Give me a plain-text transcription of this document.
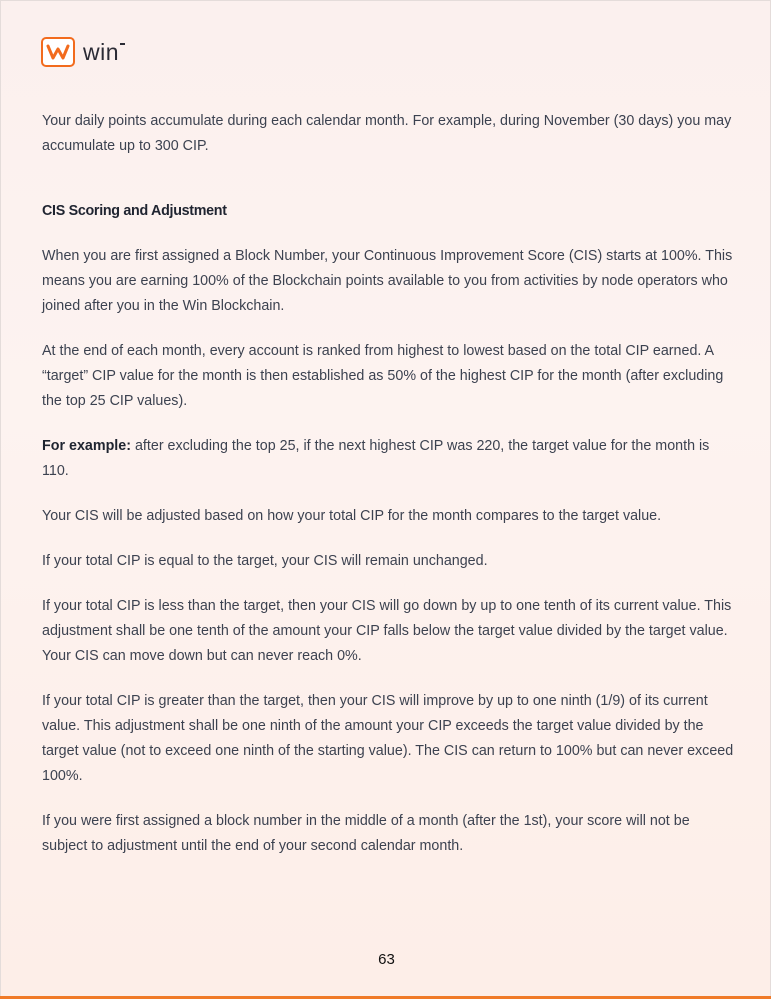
win

Your daily points accumulate during each calendar month. For example, during November (30 days) you may accumulate up to 300 CIP.

CIS Scoring and Adjustment

When you are first assigned a Block Number, your Continuous Improvement Score (CIS) starts at 100%. This means you are earning 100% of the Blockchain points available to you from activities by node operators who joined after you in the Win Blockchain.

At the end of each month, every account is ranked from highest to lowest based on the total CIP earned. A “target” CIP value for the month is then established as 50% of the highest CIP for the month (after excluding the top 25 CIP values).

For example: after excluding the top 25, if the next highest CIP was 220, the target value for the month is 110.

Your CIS will be adjusted based on how your total CIP for the month compares to the target value.

If your total CIP is equal to the target, your CIS will remain unchanged.

If your total CIP is less than the target, then your CIS will go down by up to one tenth of its current value. This adjustment shall be one tenth of the amount your CIP falls below the target value divided by the target value. Your CIS can move down but can never reach 0%.

If your total CIP is greater than the target, then your CIS will improve by up to one ninth (1/9) of its current value. This adjustment shall be one ninth of the amount your CIP exceeds the target value divided by the target value (not to exceed one ninth of the starting value). The CIS can return to 100% but can never exceed 100%.

If you were first assigned a block number in the middle of a month (after the 1st), your score will not be subject to adjustment until the end of your second calendar month.

63
